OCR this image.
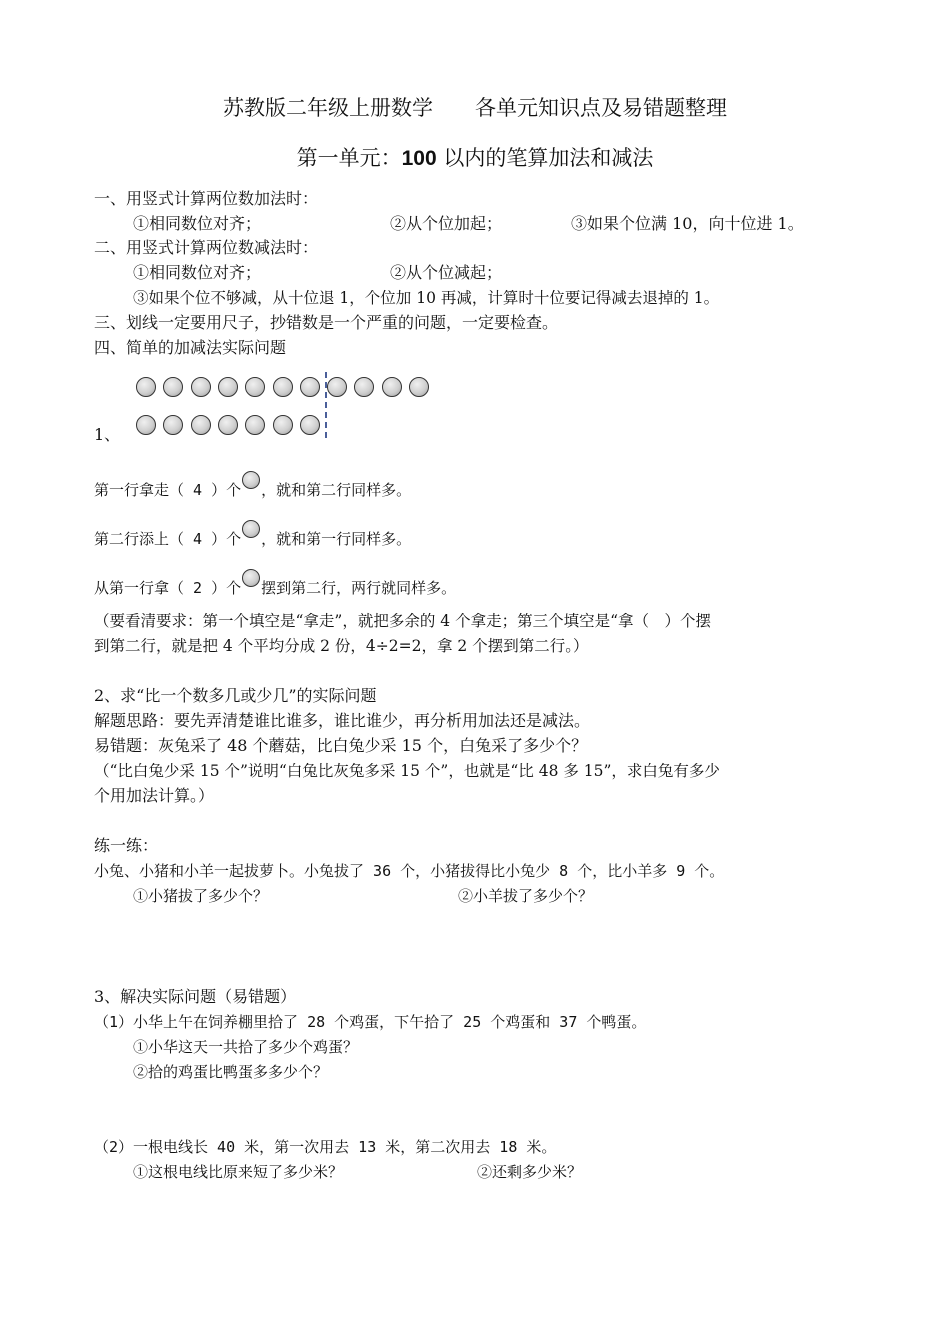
苏教版二年级上册数学　　各单元知识点及易错题整理
第一单元：100 以内的笔算加法和减法
一、用竖式计算两位数加法时：
①相同数位对齐；	②从个位加起；	③如果个位满 10，向十位进 1。
二、用竖式计算两位数减法时：
①相同数位对齐；	②从个位减起；
③如果个位不够减，从十位退 1，个位加 10 再减，计算时十位要记得减去退掉的 1。
三、划线一定要用尺子，抄错数是一个严重的问题，一定要检查。
四、简单的加减法实际问题
1、
第一行拿走（ 4 ）个 ，就和第二行同样多。
第二行添上（ 4 ）个 ，就和第一行同样多。
从第一行拿（ 2 ）个 摆到第二行，两行就同样多。
（要看清要求：第一个填空是“拿走”，就把多余的 4 个拿走；第三个填空是“拿（　）个摆
到第二行，就是把 4 个平均分成 2 份，4÷2=2，拿 2 个摆到第二行。）
2、求“比一个数多几或少几”的实际问题
解题思路：要先弄清楚谁比谁多，谁比谁少，再分析用加法还是减法。
易错题：灰兔采了 48 个蘑菇，比白兔少采 15 个，白兔采了多少个？
（“比白兔少采 15 个”说明“白兔比灰兔多采 15 个”，也就是“比 48 多 15”，求白兔有多少
个用加法计算。）
练一练：
小兔、小猪和小羊一起拔萝卜。小兔拔了 36 个，小猪拔得比小兔少 8 个，比小羊多 9 个。
①小猪拔了多少个？	②小羊拔了多少个？
3、解决实际问题（易错题）
（1）小华上午在饲养棚里拾了 28 个鸡蛋，下午拾了 25 个鸡蛋和 37 个鸭蛋。
①小华这天一共拾了多少个鸡蛋？
②拾的鸡蛋比鸭蛋多多少个？
（2）一根电线长 40 米，第一次用去 13 米，第二次用去 18 米。
①这根电线比原来短了多少米？	②还剩多少米？
